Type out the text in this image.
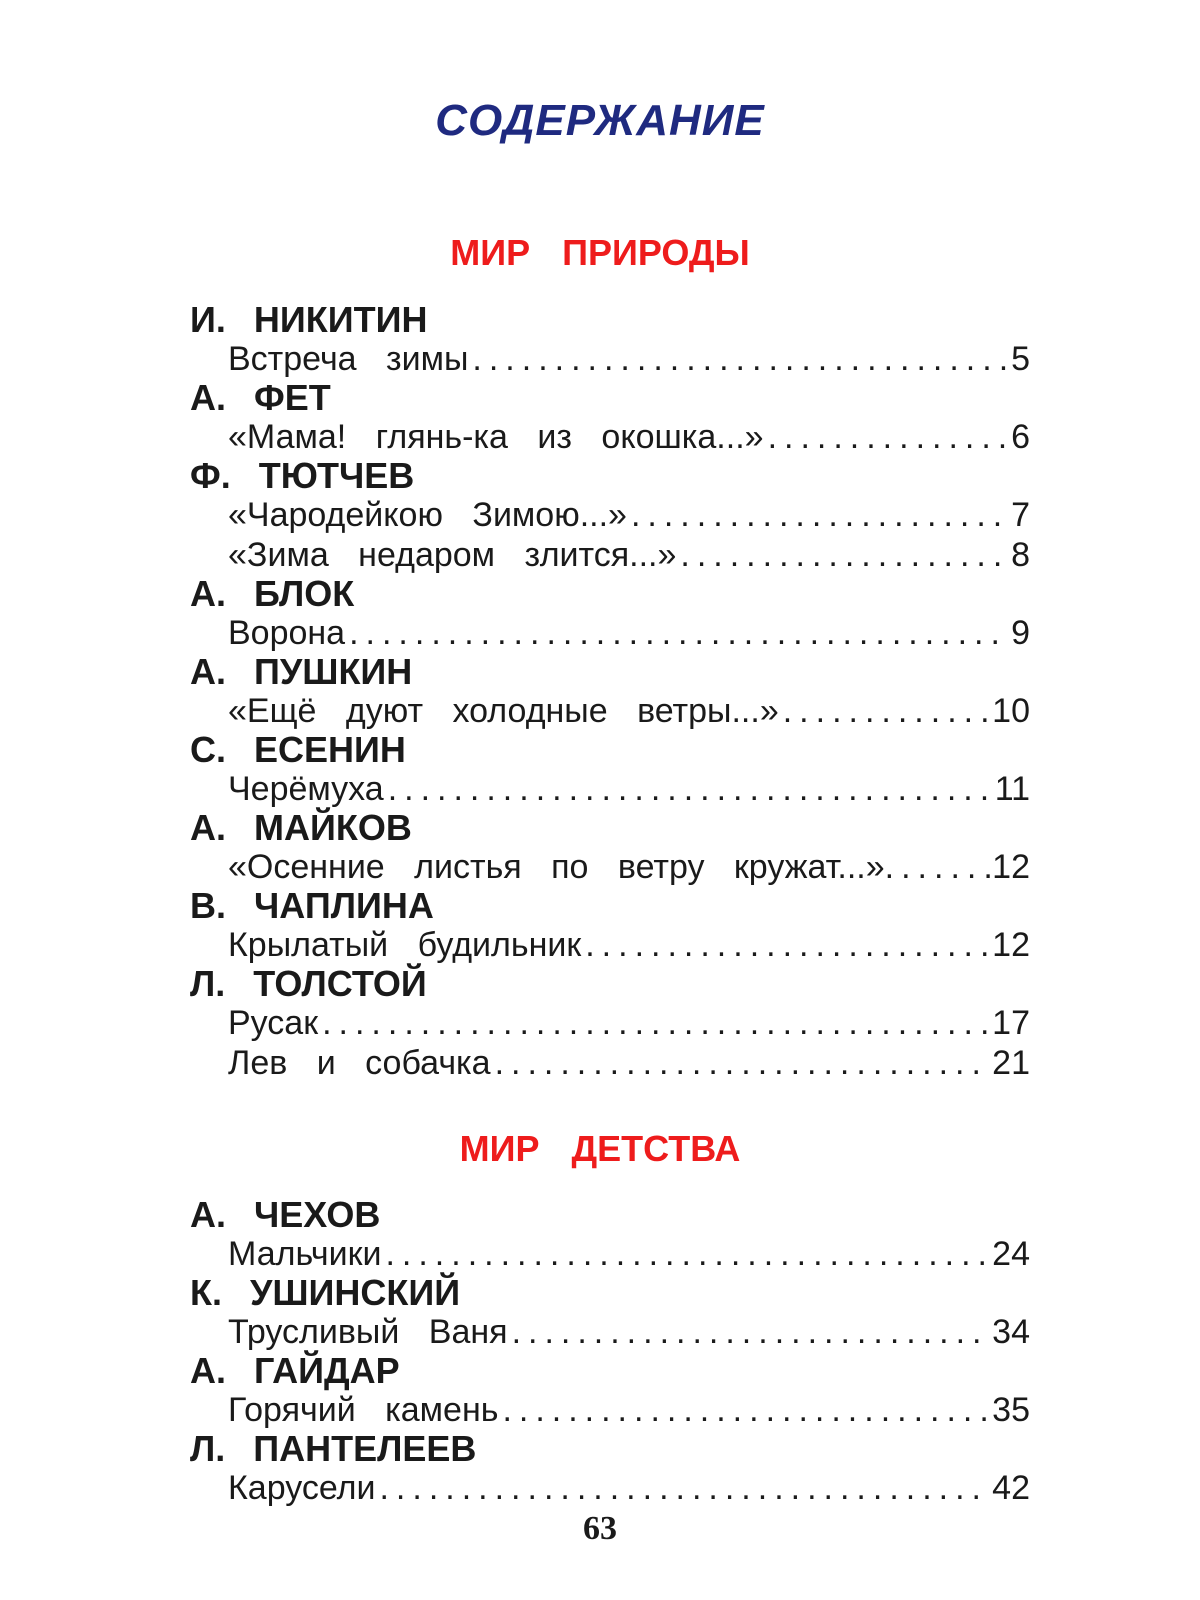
СОДЕРЖАНИЕ
МИР ПРИРОДЫ
И. НИКИТИН
Встреча зимы .....	5
А. ФЕТ
«Мама! глянь-ка из окошка...» .....	6
Ф. ТЮТЧЕВ
«Чародейкою Зимою...» .....	7
«Зима недаром злится...» .....	8
А. БЛОК
Ворона .....	9
А. ПУШКИН
«Ещё дуют холодные ветры...» .....	10
С. ЕСЕНИН
Черёмуха .....	11
А. МАЙКОВ
«Осенние листья по ветру кружат...» .....	12
В. ЧАПЛИНА
Крылатый будильник .....	12
Л. ТОЛСТОЙ
Русак .....	17
Лев и собачка .....	21
МИР ДЕТСТВА
А. ЧЕХОВ
Мальчики .....	24
К. УШИНСКИЙ
Трусливый Ваня .....	34
А. ГАЙДАР
Горячий камень .....	35
Л. ПАНТЕЛЕЕВ
Карусели .....	42
63
